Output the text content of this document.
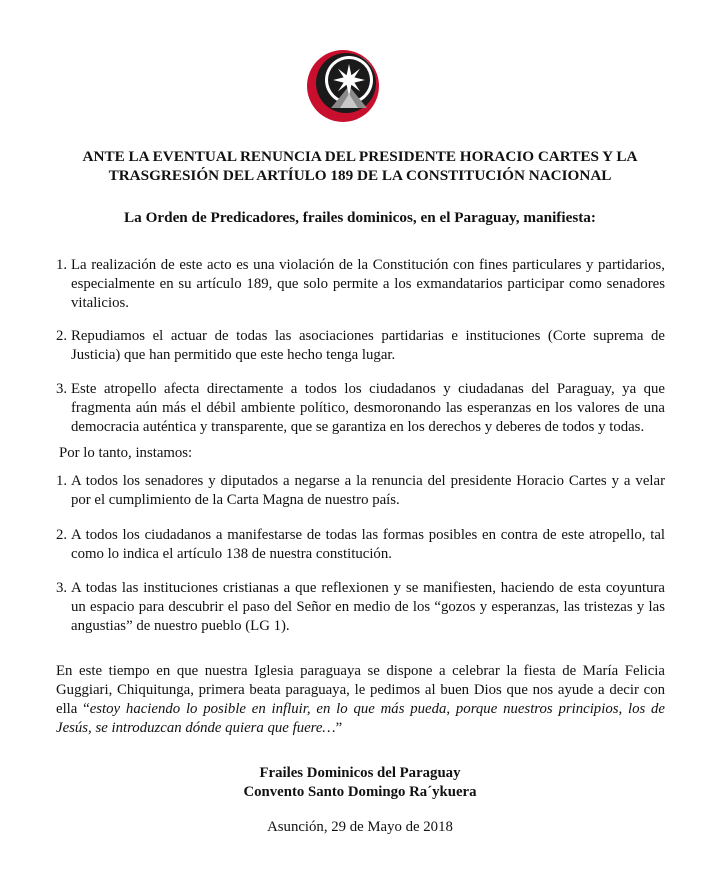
ANTE LA EVENTUAL RENUNCIA DEL PRESIDENTE HORACIO CARTES Y LA
TRASGRESIÓN DEL ARTÍULO 189 DE LA CONSTITUCIÓN NACIONAL
La Orden de Predicadores, frailes dominicos, en el Paraguay, manifiesta:
1. La realización de este acto es una violación de la Constitución con fines particulares y partidarios, especialmente en su artículo 189, que solo permite a los exmandatarios participar como senadores vitalicios.
2. Repudiamos el actuar de todas las asociaciones partidarias e instituciones (Corte suprema de Justicia) que han permitido que este hecho tenga lugar.
3. Este atropello afecta directamente a todos los ciudadanos y ciudadanas del Paraguay, ya que fragmenta aún más el débil ambiente político, desmoronando las esperanzas en los valores de una democracia auténtica y transparente, que se garantiza en los derechos y deberes de todos y todas.
Por lo tanto, instamos:
1. A todos los senadores y diputados a negarse a la renuncia del presidente Horacio Cartes y a velar por el cumplimiento de la Carta Magna de nuestro país.
2. A todos los ciudadanos a manifestarse de todas las formas posibles en contra de este atropello, tal como lo indica el artículo 138 de nuestra constitución.
3. A todas las instituciones cristianas a que reflexionen y se manifiesten, haciendo de esta coyuntura un espacio para descubrir el paso del Señor en medio de los “gozos y esperanzas, las tristezas y las angustias” de nuestro pueblo (LG 1).
En este tiempo en que nuestra Iglesia paraguaya se dispone a celebrar la fiesta de María Felicia Guggiari, Chiquitunga, primera beata paraguaya, le pedimos al buen Dios que nos ayude a decir con ella “estoy haciendo lo posible en influir, en lo que más pueda, porque nuestros principios, los de Jesús, se introduzcan dónde quiera que fuere…”
Frailes Dominicos del Paraguay
Convento Santo Domingo Ra´ykuera
Asunción, 29 de Mayo de 2018
